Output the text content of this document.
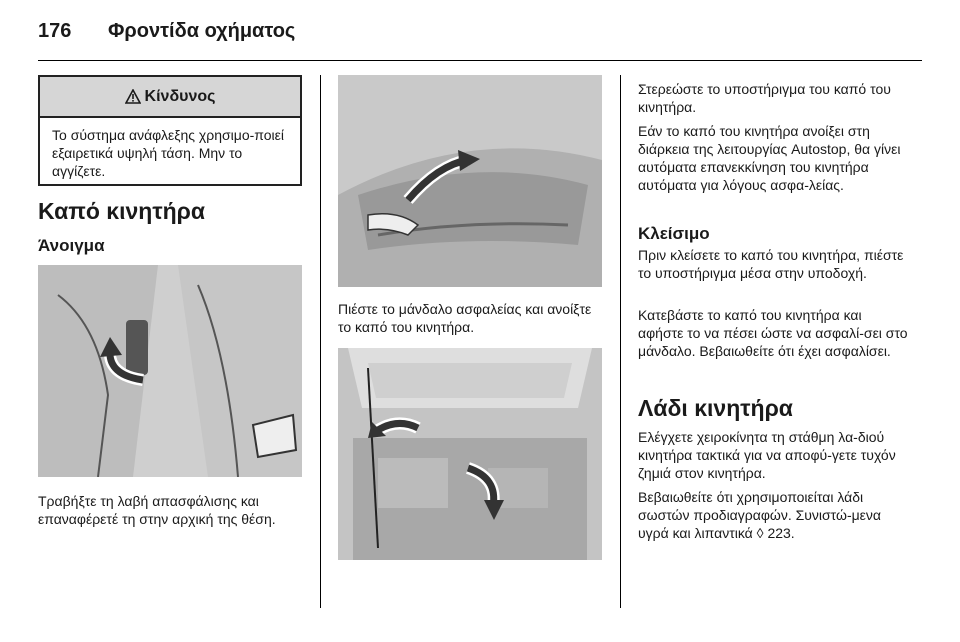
176 Φροντίδα οχήματος
Κίνδυνος
Το σύστημα ανάφλεξης χρησιμο-ποιεί εξαιρετικά υψηλή τάση. Μην το αγγίζετε.
Καπό κινητήρα
Άνοιγμα
Τραβήξτε τη λαβή απασφάλισης και επαναφέρετέ τη στην αρχική της θέση.
Πιέστε το μάνδαλο ασφαλείας και ανοίξτε το καπό του κινητήρα.
Στερεώστε το υποστήριγμα του καπό του κινητήρα.
Εάν το καπό του κινητήρα ανοίξει στη διάρκεια της λειτουργίας Autostop, θα γίνει αυτόματα επανεκκίνηση του κινητήρα αυτόματα για λόγους ασφα-λείας.
Κλείσιμο
Πριν κλείσετε το καπό του κινητήρα, πιέστε το υποστήριγμα μέσα στην υποδοχή.
Κατεβάστε το καπό του κινητήρα και αφήστε το να πέσει ώστε να ασφαλί-σει στο μάνδαλο. Βεβαιωθείτε ότι έχει ασφαλίσει.
Λάδι κινητήρα
Ελέγχετε χειροκίνητα τη στάθμη λα-διού κινητήρα τακτικά για να αποφύ-γετε τυχόν ζημιά στον κινητήρα.
Βεβαιωθείτε ότι χρησιμοποιείται λάδι σωστών προδιαγραφών. Συνιστώ-μενα υγρά και λιπαντικά ◊ 223.
